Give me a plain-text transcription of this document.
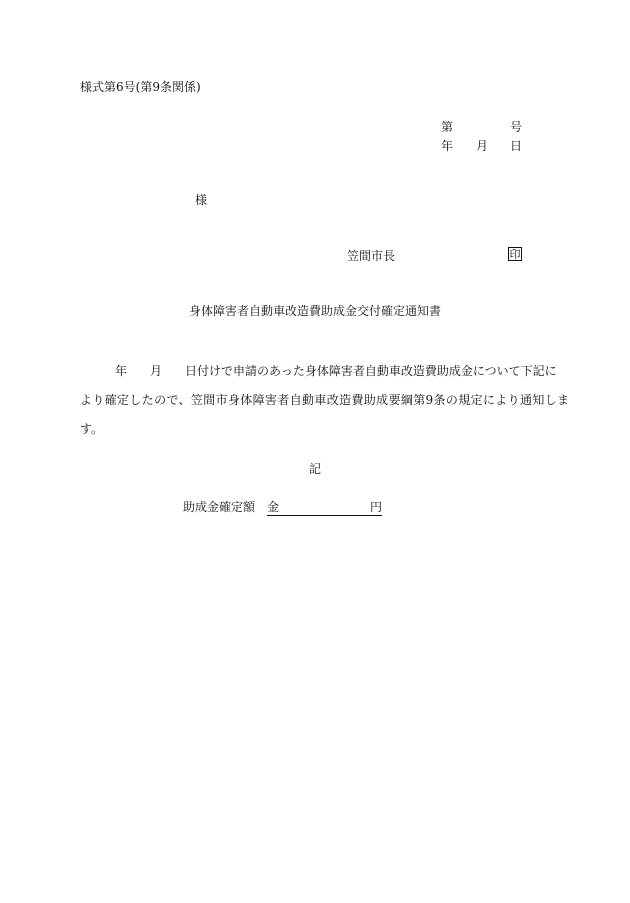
様式第6号(第9条関係)
第	号
年 月 日
様
笠間市長	印
身体障害者自動車改造費助成金交付確定通知書
年 月 日付けで申請のあった身体障害者自動車改造費助成金について下記に
より確定したので、笠間市身体障害者自動車改造費助成要綱第9条の規定により通知しま
す。
記
助成金確定額 金	円
